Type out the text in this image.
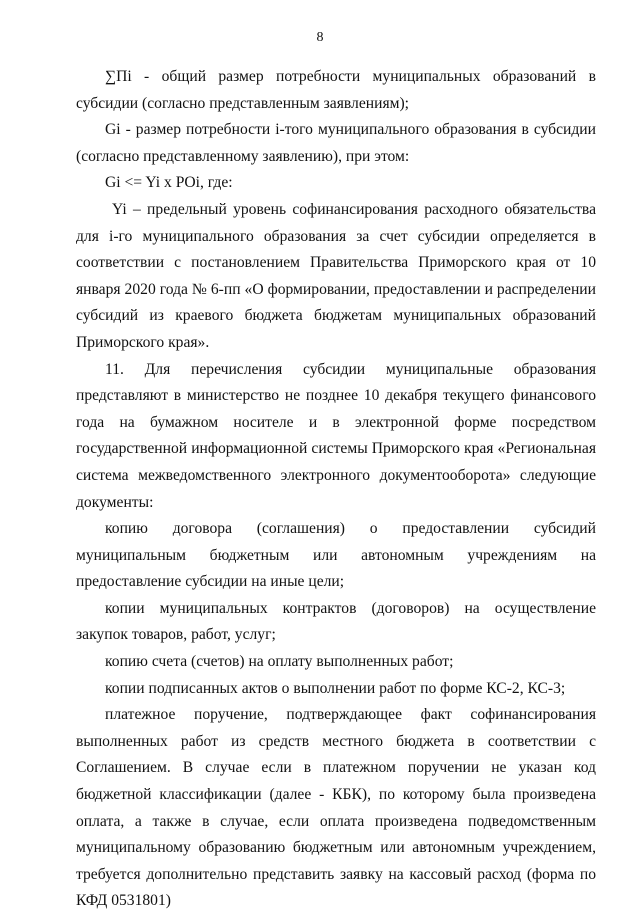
8

∑Пi - общий размер потребности муниципальных образований в субсидии (согласно представленным заявлениям);

Gi - размер потребности i-того муниципального образования в субсидии (согласно представленному заявлению), при этом:

Gi <= Yi x POi, где:

Yi – предельный уровень софинансирования расходного обязательства для i-го муниципального образования за счет субсидии определяется в соответствии с постановлением Правительства Приморского края от 10 января 2020 года № 6-пп «О формировании, предоставлении и распределении субсидий из краевого бюджета бюджетам муниципальных образований Приморского края».

11. Для перечисления субсидии муниципальные образования представляют в министерство не позднее 10 декабря текущего финансового года на бумажном носителе и в электронной форме посредством государственной информационной системы Приморского края «Региональная система межведомственного электронного документооборота» следующие документы:

копию договора (соглашения) о предоставлении субсидий муниципальным бюджетным или автономным учреждениям на предоставление субсидии на иные цели;

копии муниципальных контрактов (договоров) на осуществление закупок товаров, работ, услуг;

копию счета (счетов) на оплату выполненных работ;

копии подписанных актов о выполнении работ по форме КС-2, КС-3;

платежное поручение, подтверждающее факт софинансирования выполненных работ из средств местного бюджета в соответствии с Соглашением. В случае если в платежном поручении не указан код бюджетной классификации (далее - КБК), по которому была произведена оплата, а также в случае, если оплата произведена подведомственным муниципальному образованию бюджетным или автономным учреждением, требуется дополнительно представить заявку на кассовый расход (форма по КФД 0531801)
